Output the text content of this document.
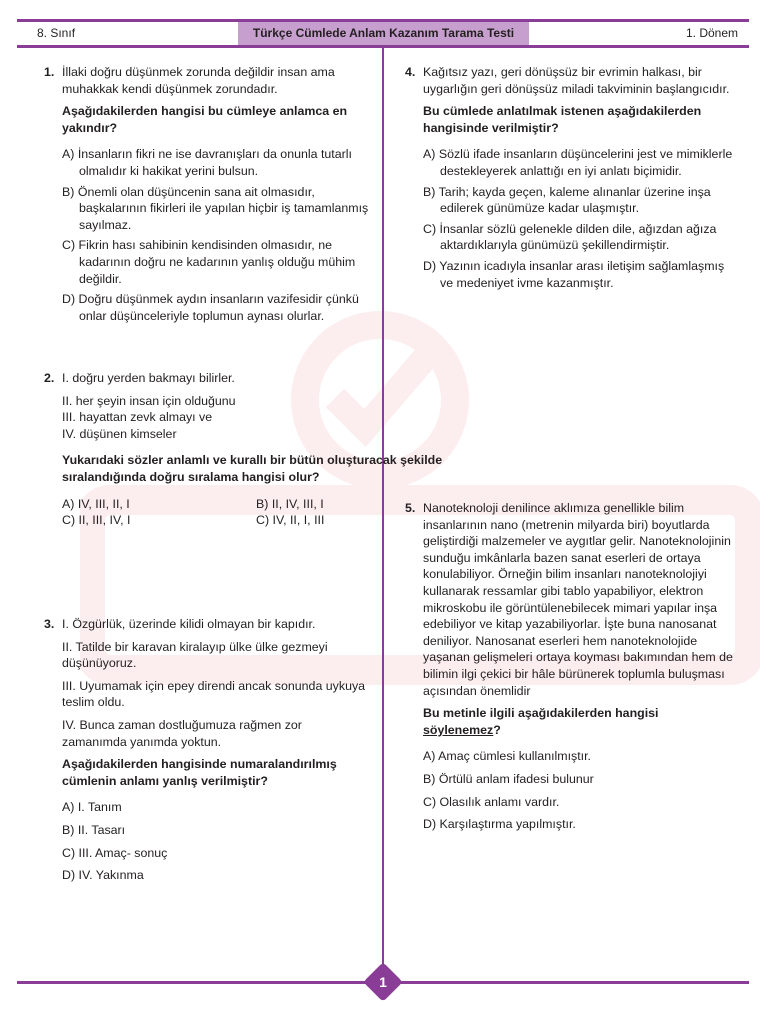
8. Sınıf	Türkçe Cümlede Anlam Kazanım Tarama Testi	1. Dönem
1. İllaki doğru düşünmek zorunda değildir insan ama muhakkak kendi düşünmek zorundadır.

Aşağıdakilerden hangisi bu cümleye anlamca en yakındır?

A) İnsanların fikri ne ise davranışları da onunla tutarlı olmalıdır ki hakikat yerini bulsun.

B) Önemli olan düşüncenin sana ait olmasıdır, başkalarının fikirleri ile yapılan hiçbir iş tamamlanmış sayılmaz.

C) Fikrin hası sahibinin kendisinden olmasıdır, ne kadarının doğru ne kadarının yanlış olduğu mühim değildir.

D) Doğru düşünmek aydın insanların vazifesidir çünkü onlar düşünceleriyle toplumun aynası olurlar.

2. I. doğru yerden bakmayı bilirler.

II. her şeyin insan için olduğunu

III. hayattan zevk almayı ve

IV. düşünen kimseler

Yukarıdaki sözler anlamlı ve kurallı bir bütün oluşturacak şekilde sıralandığında doğru sıralama hangisi olur?

A) IV, III, II, I	B) II, IV, III, I
C) II, III, IV, I	C) IV, II, I, III
3. I. Özgürlük, üzerinde kilidi olmayan bir kapıdır.

II. Tatilde bir karavan kiralayıp ülke ülke gezmeyi düşünüyoruz.

III. Uyumamak için epey direndi ancak sonunda uykuya teslim oldu.

IV. Bunca zaman dostluğumuza rağmen zor zamanımda yanımda yoktun.

Aşağıdakilerden hangisinde numaralandırılmış cümlenin anlamı yanlış verilmiştir?

A) I. Tanım

B) II. Tasarı

C) III. Amaç- sonuç

D) IV. Yakınma

4. Kağıtsız yazı, geri dönüşsüz bir evrimin halkası, bir uygarlığın geri dönüşsüz miladi takviminin başlangıcıdır.

Bu cümlede anlatılmak istenen aşağıdakilerden hangisinde verilmiştir?

A) Sözlü ifade insanların düşüncelerini jest ve mimiklerle destekleyerek anlattığı en iyi anlatı biçimidir.

B) Tarih; kayda geçen, kaleme alınanlar üzerine inşa edilerek günümüze kadar ulaşmıştır.

C) İnsanlar sözlü gelenekle dilden dile, ağızdan ağıza aktardıklarıyla günümüzü şekillendirmiştir.

D) Yazının icadıyla insanlar arası iletişim sağlamlaşmış ve medeniyet ivme kazanmıştır.

5. Nanoteknoloji denilince aklımıza genellikle bilim insanlarının nano (metrenin milyarda biri) boyutlarda geliştirdiği malzemeler ve aygıtlar gelir. Nanoteknolojinin sunduğu imkânlarla bazen sanat eserleri de ortaya konulabiliyor. Örneğin bilim insanları nanoteknolojiyi kullanarak ressamlar gibi tablo yapabiliyor, elektron mikroskobu ile görüntülenebilecek mimari yapılar inşa edebiliyor ve kitap yazabiliyorlar. İşte buna nanosanat deniliyor. Nanosanat eserleri hem nanoteknolojide yaşanan gelişmeleri ortaya koyması bakımından hem de bilimin ilgi çekici bir hâle bürünerek toplumla buluşması açısından önemlidir

Bu metinle ilgili aşağıdakilerden hangisi söylenemez?

A) Amaç cümlesi kullanılmıştır.

B) Örtülü anlam ifadesi bulunur

C) Olasılık anlamı vardır.

D) Karşılaştırma yapılmıştır.

1
